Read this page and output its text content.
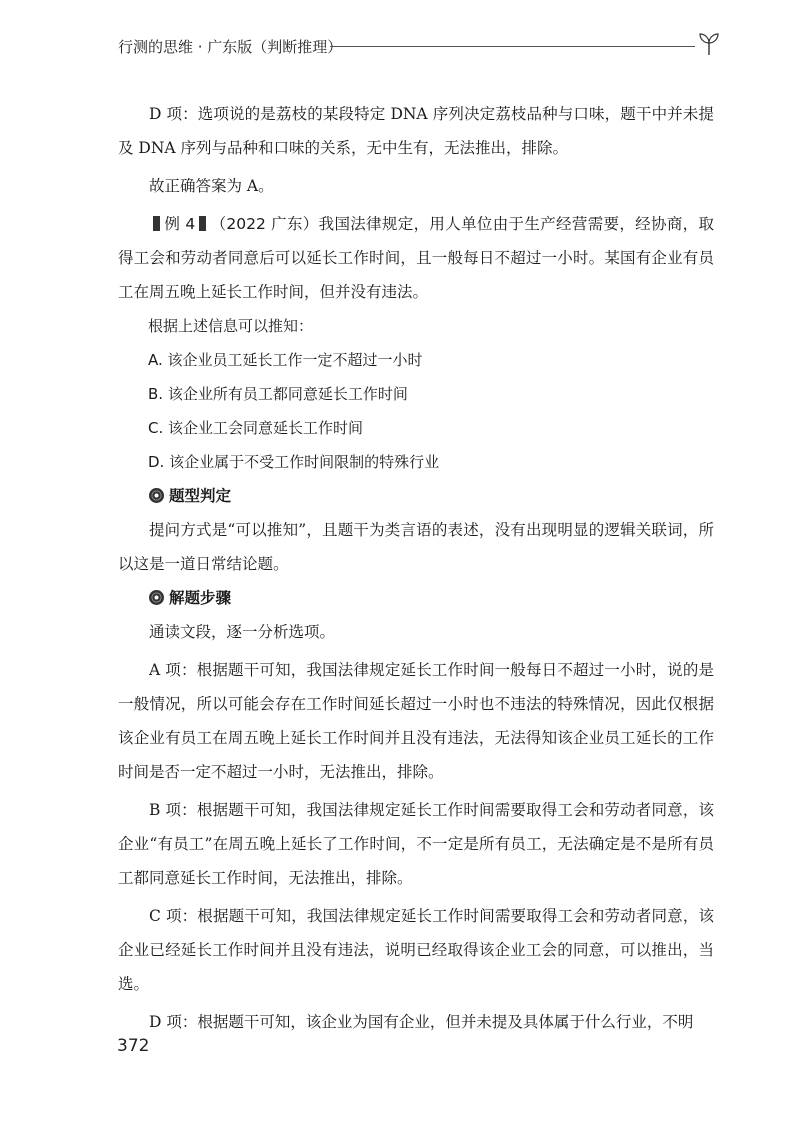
行测的思维 · 广东版（判断推理）

D 项：选项说的是荔枝的某段特定 DNA 序列决定荔枝品种与口味，题干中并未提及 DNA 序列与品种和口味的关系，无中生有，无法推出，排除。

故正确答案为 A。

例 4 （2022 广东）我国法律规定，用人单位由于生产经营需要，经协商，取得工会和劳动者同意后可以延长工作时间，且一般每日不超过一小时。某国有企业有员工在周五晚上延长工作时间，但并没有违法。

根据上述信息可以推知：

A. 该企业员工延长工作一定不超过一小时

B. 该企业所有员工都同意延长工作时间

C. 该企业工会同意延长工作时间

D. 该企业属于不受工作时间限制的特殊行业

题型判定

提问方式是“可以推知”，且题干为类言语的表述，没有出现明显的逻辑关联词，所以这是一道日常结论题。

解题步骤

通读文段，逐一分析选项。

A 项：根据题干可知，我国法律规定延长工作时间一般每日不超过一小时，说的是一般情况，所以可能会存在工作时间延长超过一小时也不违法的特殊情况，因此仅根据该企业有员工在周五晚上延长工作时间并且没有违法，无法得知该企业员工延长的工作时间是否一定不超过一小时，无法推出，排除。

B 项：根据题干可知，我国法律规定延长工作时间需要取得工会和劳动者同意，该企业“有员工”在周五晚上延长了工作时间，不一定是所有员工，无法确定是不是所有员工都同意延长工作时间，无法推出，排除。

C 项：根据题干可知，我国法律规定延长工作时间需要取得工会和劳动者同意，该企业已经延长工作时间并且没有违法，说明已经取得该企业工会的同意，可以推出，当选。

D 项：根据题干可知，该企业为国有企业，但并未提及具体属于什么行业，不明

372
